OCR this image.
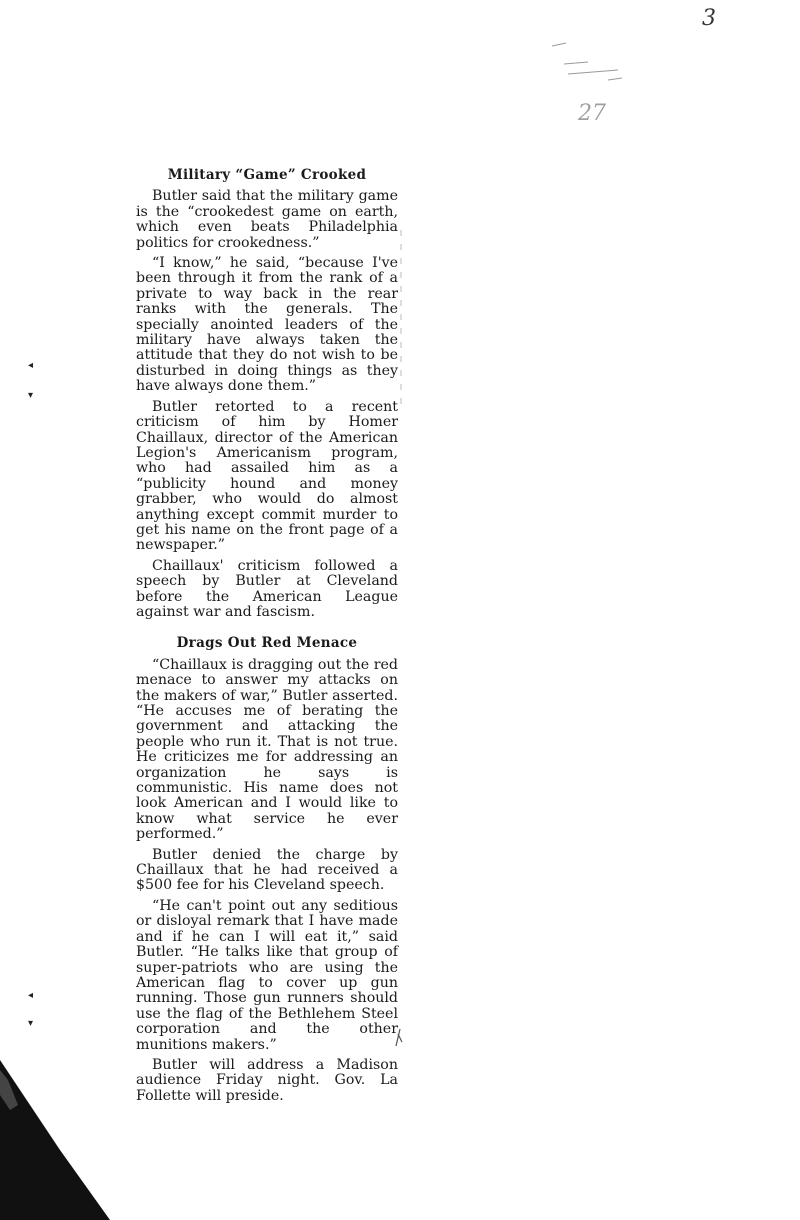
3
27
◂
▾
◂
▾
Military “Game” Crooked

Butler said that the military game is the “crookedest game on earth, which even beats Philadelphia politics for crookedness.”

“I know,” he said, “because I've been through it from the rank of a private to way back in the rear ranks with the generals. The specially anointed leaders of the military have always taken the attitude that they do not wish to be disturbed in doing things as they have always done them.”

Butler retorted to a recent criticism of him by Homer Chaillaux, director of the American Legion's Americanism program, who had assailed him as a “publicity hound and money grabber, who would do almost anything except commit murder to get his name on the front page of a newspaper.”

Chaillaux' criticism followed a speech by Butler at Cleveland before the American League against war and fascism.

Drags Out Red Menace

“Chaillaux is dragging out the red menace to answer my attacks on the makers of war,” Butler asserted. “He accuses me of berating the government and attacking the people who run it. That is not true. He criticizes me for addressing an organization he says is communistic. His name does not look American and I would like to know what service he ever performed.”

Butler denied the charge by Chaillaux that he had received a $500 fee for his Cleveland speech.

“He can't point out any seditious or disloyal remark that I have made and if he can I will eat it,” said Butler. “He talks like that group of super-patriots who are using the American flag to cover up gun running. Those gun runners should use the flag of the Bethlehem Steel corporation and the other munitions makers.”

Butler will address a Madison audience Friday night. Gov. La Follette will preside.
